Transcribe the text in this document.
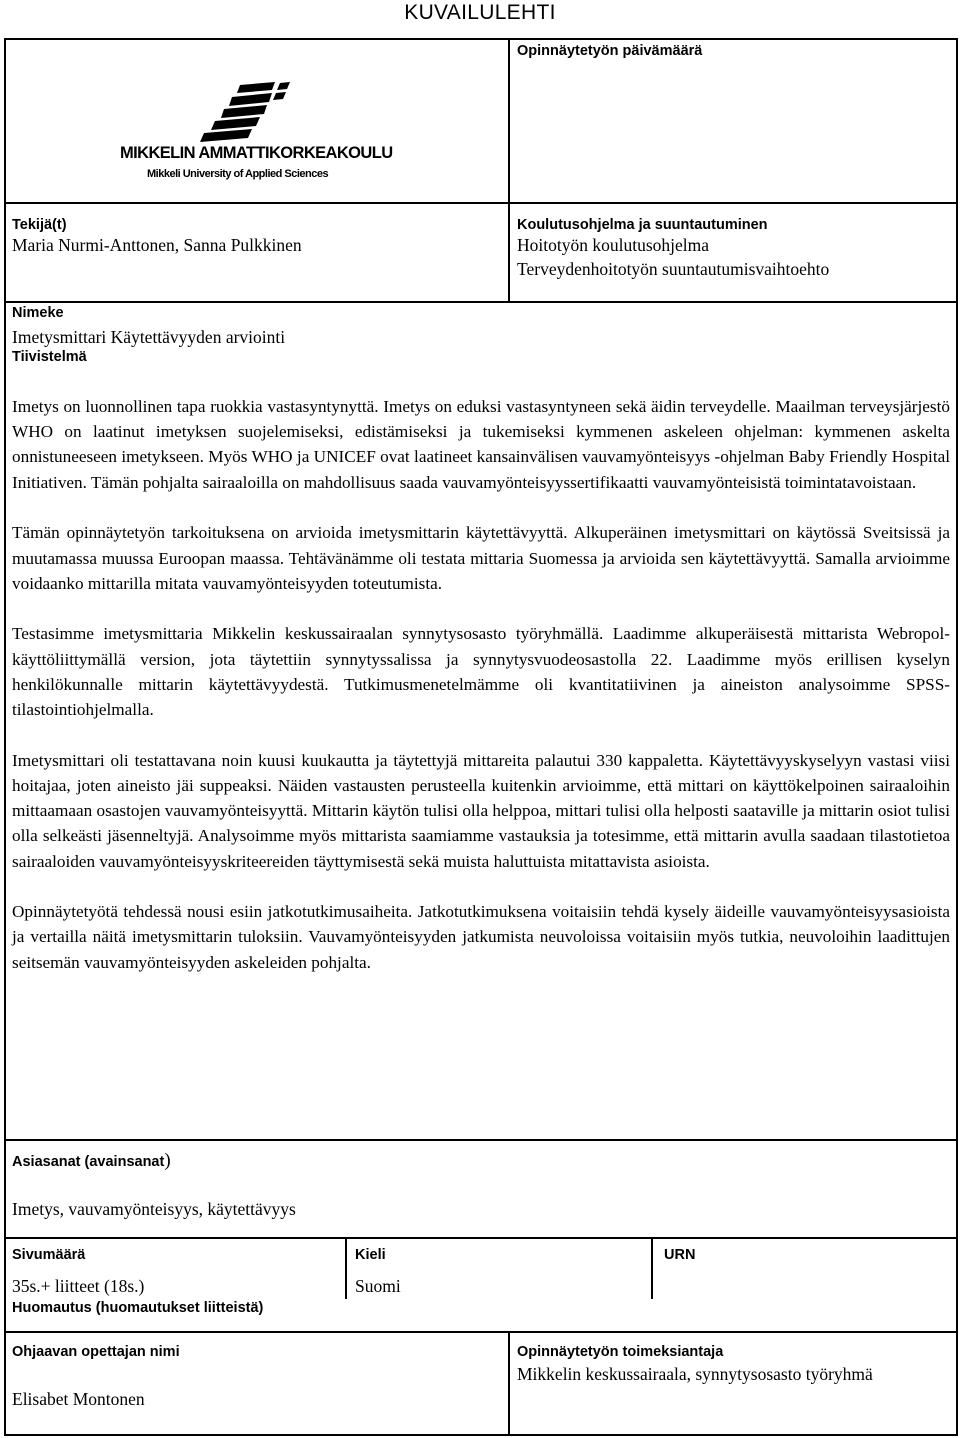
KUVAILULEHTI
Opinnäytetyön päivämäärä
MIKKELIN AMMATTIKORKEAKOULU
Mikkeli University of Applied Sciences
Tekijä(t)
Maria Nurmi-Anttonen, Sanna Pulkkinen
Koulutusohjelma ja suuntautuminen
Hoitotyön koulutusohjelma
Terveydenhoitotyön suuntautumisvaihtoehto
Nimeke
Imetysmittari Käytettävyyden arviointi
Tiivistelmä

Imetys on luonnollinen tapa ruokkia vastasyntynyttä. Imetys on eduksi vastasyntyneen sekä äidin terveydelle. Maailman terveysjärjestö WHO on laatinut imetyksen suojelemiseksi, edistämiseksi ja tukemiseksi kymmenen askeleen ohjelman: kymmenen askelta onnistuneeseen imetykseen. Myös WHO ja UNICEF ovat laatineet kansainvälisen vauvamyönteisyys -ohjelman Baby Friendly Hospital Initiativen. Tämän pohjalta sairaaloilla on mahdollisuus saada vauvamyönteisyyssertifikaatti vauvamyönteisistä toimintatavoistaan.

Tämän opinnäytetyön tarkoituksena on arvioida imetysmittarin käytettävyyttä. Alkuperäinen imetysmittari on käytössä Sveitsissä ja muutamassa muussa Euroopan maassa. Tehtävänämme oli testata mittaria Suomessa ja arvioida sen käytettävyyttä. Samalla arvioimme voidaanko mittarilla mitata vauvamyönteisyyden toteutumista.

Testasimme imetysmittaria Mikkelin keskussairaalan synnytysosasto työryhmällä. Laadimme alkuperäisestä mittarista Webropol-käyttöliittymällä version, jota täytettiin synnytyssalissa ja synnytysvuodeosastolla 22. Laadimme myös erillisen kyselyn henkilökunnalle mittarin käytettävyydestä. Tutkimusmenetelmämme oli kvantitatiivinen ja aineiston analysoimme SPSS-tilastointiohjelmalla.

Imetysmittari oli testattavana noin kuusi kuukautta ja täytettyjä mittareita palautui 330 kappaletta. Käytettävyyskyselyyn vastasi viisi hoitajaa, joten aineisto jäi suppeaksi. Näiden vastausten perusteella kuitenkin arvioimme, että mittari on käyttökelpoinen sairaaloihin mittaamaan osastojen vauvamyönteisyyttä. Mittarin käytön tulisi olla helppoa, mittari tulisi olla helposti saataville ja mittarin osiot tulisi olla selkeästi jäsenneltyjä. Analysoimme myös mittarista saamiamme vastauksia ja totesimme, että mittarin avulla saadaan tilastotietoa sairaaloiden vauvamyönteisyyskriteereiden täyttymisestä sekä muista haluttuista mitattavista asioista.

Opinnäytetyötä tehdessä nousi esiin jatkotutkimusaiheita. Jatkotutkimuksena voitaisiin tehdä kysely äideille vauvamyönteisyysasioista ja vertailla näitä imetysmittarin tuloksiin. Vauvamyönteisyyden jatkumista neuvoloissa voitaisiin myös tutkia, neuvoloihin laadittujen seitsemän vauvamyönteisyyden askeleiden pohjalta.

Asiasanat (avainsanat)
Imetys, vauvamyönteisyys, käytettävyys
Sivumäärä
35s.+ liitteet (18s.)
Kieli
Suomi
URN
Huomautus (huomautukset liitteistä)
Ohjaavan opettajan nimi
Elisabet Montonen
Opinnäytetyön toimeksiantaja
Mikkelin keskussairaala, synnytysosasto työryhmä
